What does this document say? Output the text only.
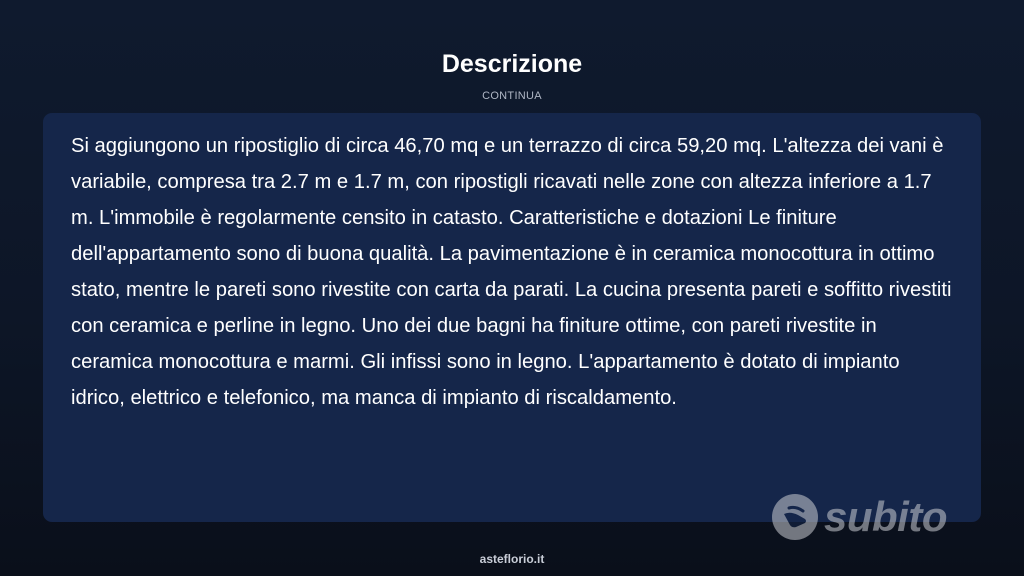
Descrizione
CONTINUA

Si aggiungono un ripostiglio di circa 46,70 mq e un terrazzo di circa 59,20 mq. L'altezza dei vani è variabile, compresa tra 2.7 m e 1.7 m, con ripostigli ricavati nelle zone con altezza inferiore a 1.7 m. L'immobile è regolarmente censito in catasto. Caratteristiche e dotazioni Le finiture dell'appartamento sono di buona qualità. La pavimentazione è in ceramica monocottura in ottimo stato, mentre le pareti sono rivestite con carta da parati. La cucina presenta pareti e soffitto rivestiti con ceramica e perline in legno. Uno dei due bagni ha finiture ottime, con pareti rivestite in ceramica monocottura e marmi. Gli infissi sono in legno. L'appartamento è dotato di impianto idrico, elettrico e telefonico, ma manca di impianto di riscaldamento.

subito
asteflorio.it
